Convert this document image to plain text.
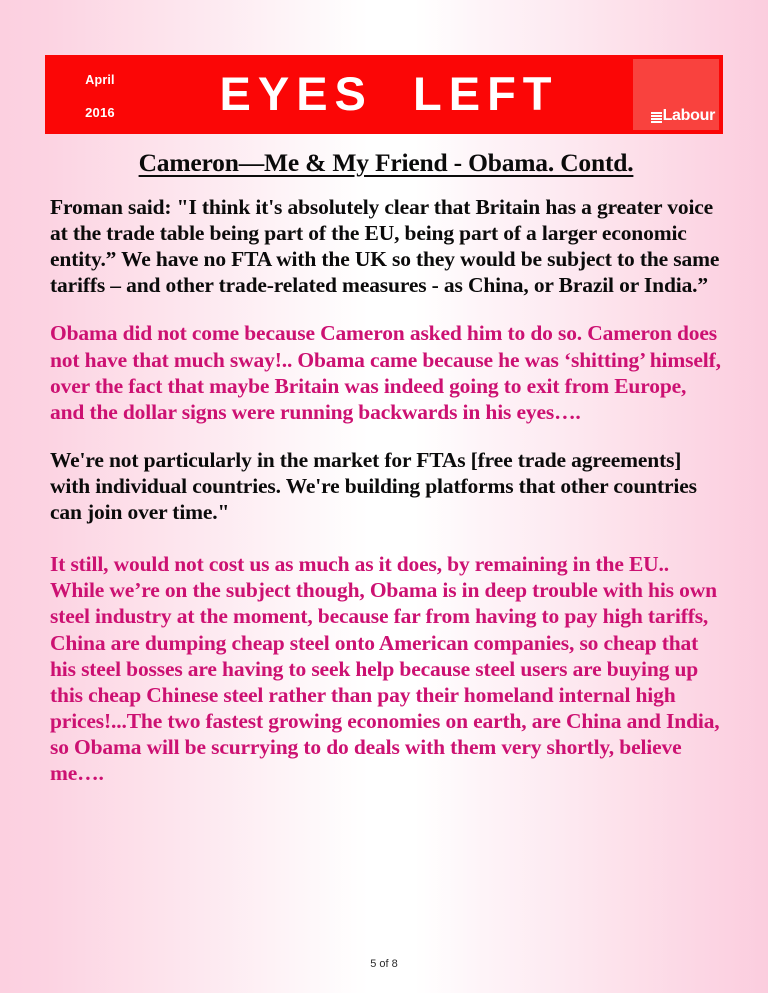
April
2016	EYES  LEFT	Labour
Cameron—Me & My Friend - Obama. Contd.

Froman said: "I think it's absolutely clear that Britain has a greater voice at the trade table being part of the EU, being part of a larger economic entity.” We have no FTA with the UK so they would be subject to the same tariffs – and other trade-related measures - as China, or Brazil or India.”

Obama did not come because Cameron asked him to do so. Cameron does not have that much sway!.. Obama came because he was ‘shitting’ himself, over the fact that maybe Britain was indeed going to exit from Europe, and the dollar signs were running backwards in his eyes….

We're not particularly in the market for FTAs [free trade agreements] with individual countries. We're building platforms that other countries can join over time."

It still, would not cost us as much as it does, by remaining in the EU.. While we’re on the subject though, Obama is in deep trouble with his own steel industry at the moment, because far from having to pay high tariffs, China are dumping cheap steel onto American companies, so cheap that his steel bosses are having to seek help because steel users are buying up this cheap Chinese steel rather than pay their homeland internal high prices!...The two fastest growing economies on earth, are China and India, so Obama will be scurrying to do deals with them very shortly, believe me….

5 of 8
